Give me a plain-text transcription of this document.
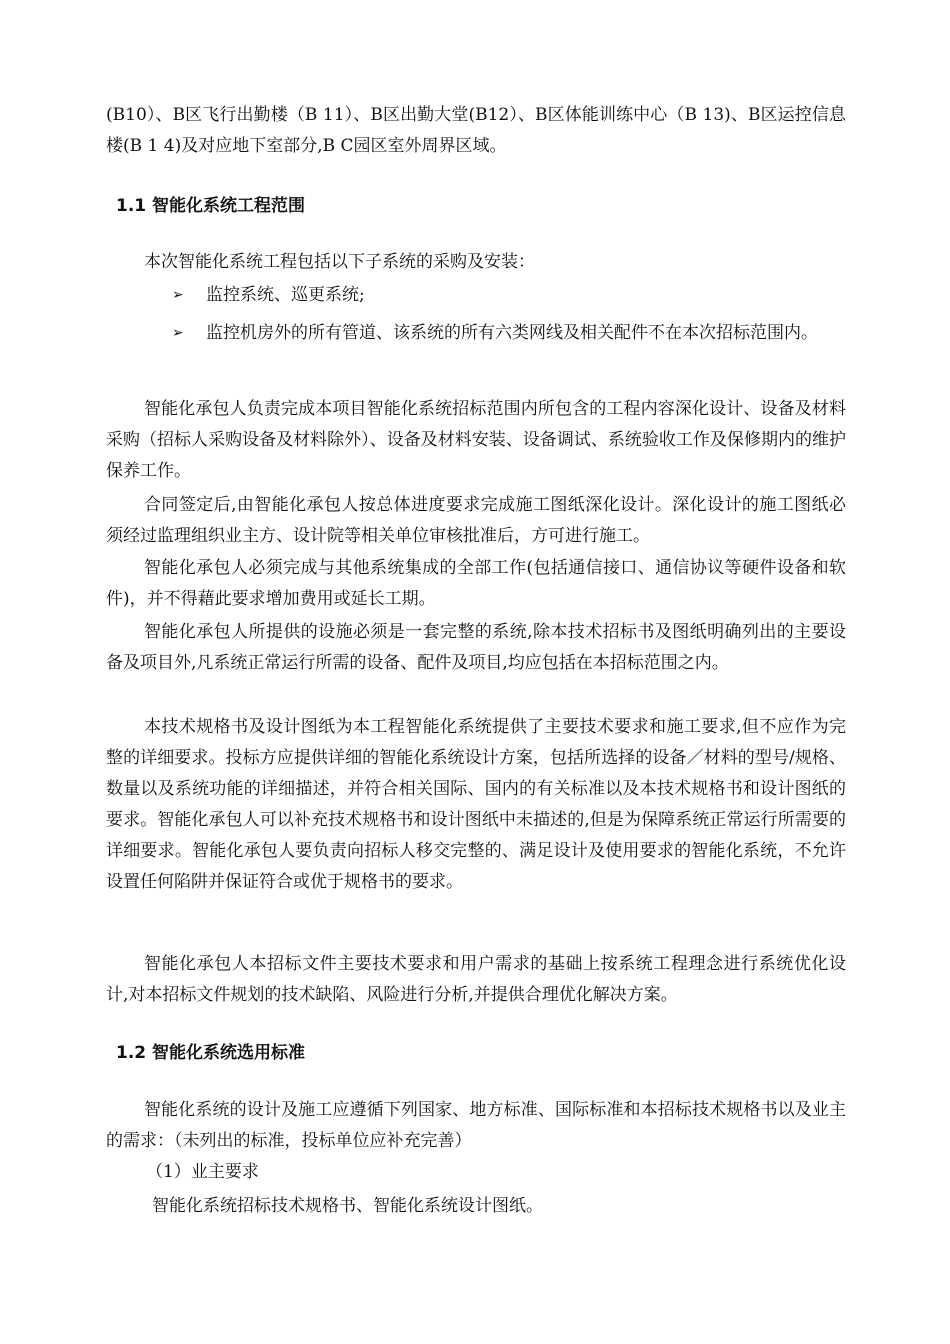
(B10）、B区飞行出勤楼（B 11）、B区出勤大堂(B12）、B区体能训练中心（B 13)、B区运控信息楼(B 1 4)及对应地下室部分,B C园区室外周界区域。

1.1 智能化系统工程范围

本次智能化系统工程包括以下子系统的采购及安装：

➢ 监控系统、巡更系统;

➢ 监控机房外的所有管道、该系统的所有六类网线及相关配件不在本次招标范围内。

智能化承包人负责完成本项目智能化系统招标范围内所包含的工程内容深化设计、设备及材料采购（招标人采购设备及材料除外）、设备及材料安装、设备调试、系统验收工作及保修期内的维护保养工作。

合同签定后,由智能化承包人按总体进度要求完成施工图纸深化设计。深化设计的施工图纸必须经过监理组织业主方、设计院等相关单位审核批准后，方可进行施工。

智能化承包人必须完成与其他系统集成的全部工作(包括通信接口、通信协议等硬件设备和软件)，并不得藉此要求增加费用或延长工期。

智能化承包人所提供的设施必须是一套完整的系统,除本技术招标书及图纸明确列出的主要设备及项目外,凡系统正常运行所需的设备、配件及项目,均应包括在本招标范围之内。

本技术规格书及设计图纸为本工程智能化系统提供了主要技术要求和施工要求,但不应作为完整的详细要求。投标方应提供详细的智能化系统设计方案，包括所选择的设备／材料的型号/规格、数量以及系统功能的详细描述，并符合相关国际、国内的有关标准以及本技术规格书和设计图纸的要求。智能化承包人可以补充技术规格书和设计图纸中未描述的,但是为保障系统正常运行所需要的详细要求。智能化承包人要负责向招标人移交完整的、满足设计及使用要求的智能化系统，不允许设置任何陷阱并保证符合或优于规格书的要求。

智能化承包人本招标文件主要技术要求和用户需求的基础上按系统工程理念进行系统优化设计,对本招标文件规划的技术缺陷、风险进行分析,并提供合理优化解决方案。

1.2 智能化系统选用标准

智能化系统的设计及施工应遵循下列国家、地方标准、国际标准和本招标技术规格书以及业主的需求：（未列出的标准，投标单位应补充完善）

（1）业主要求

智能化系统招标技术规格书、智能化系统设计图纸。
